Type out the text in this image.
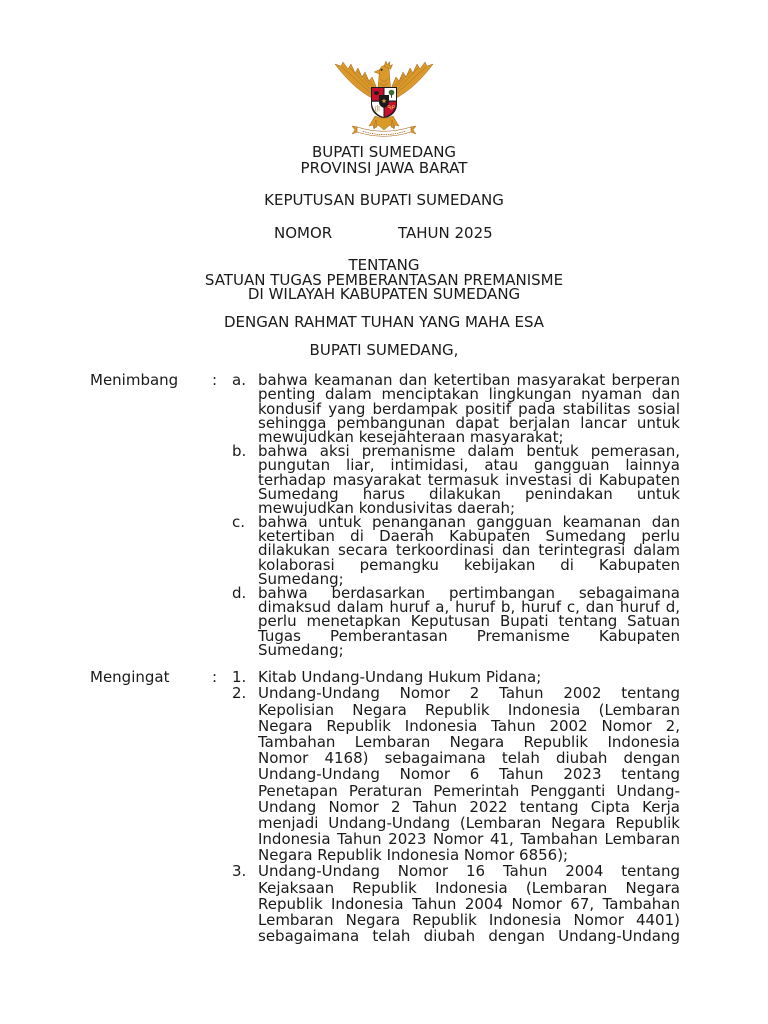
BUPATI SUMEDANG
PROVINSI JAWA BARAT
KEPUTUSAN BUPATI SUMEDANG
NOMOR	TAHUN 2025
TENTANG
SATUAN TUGAS PEMBERANTASAN PREMANISME
DI WILAYAH KABUPATEN SUMEDANG
DENGAN RAHMAT TUHAN YANG MAHA ESA
BUPATI SUMEDANG,
Menimbang : a. bahwa keamanan dan ketertiban masyarakat berperan
penting dalam menciptakan lingkungan nyaman dan
kondusif yang berdampak positif pada stabilitas sosial
sehingga pembangunan dapat berjalan lancar untuk
mewujudkan kesejahteraan masyarakat;
b. bahwa aksi premanisme dalam bentuk pemerasan,
pungutan liar, intimidasi, atau gangguan lainnya
terhadap masyarakat termasuk investasi di Kabupaten
Sumedang harus dilakukan penindakan untuk
mewujudkan kondusivitas daerah;
c. bahwa untuk penanganan gangguan keamanan dan
ketertiban di Daerah Kabupaten Sumedang perlu
dilakukan secara terkoordinasi dan terintegrasi dalam
kolaborasi pemangku kebijakan di Kabupaten
Sumedang;
d. bahwa berdasarkan pertimbangan sebagaimana
dimaksud dalam huruf a, huruf b, huruf c, dan huruf d,
perlu menetapkan Keputusan Bupati tentang Satuan
Tugas Pemberantasan Premanisme Kabupaten
Sumedang;
Mengingat	: 1. Kitab Undang-Undang Hukum Pidana;
2. Undang-Undang Nomor 2 Tahun 2002 tentang
Kepolisian Negara Republik Indonesia (Lembaran
Negara Republik Indonesia Tahun 2002 Nomor 2,
Tambahan Lembaran Negara Republik Indonesia
Nomor 4168) sebagaimana telah diubah dengan
Undang-Undang Nomor 6 Tahun 2023 tentang
Penetapan Peraturan Pemerintah Pengganti Undang-
Undang Nomor 2 Tahun 2022 tentang Cipta Kerja
menjadi Undang-Undang (Lembaran Negara Republik
Indonesia Tahun 2023 Nomor 41, Tambahan Lembaran
Negara Republik Indonesia Nomor 6856);
3. Undang-Undang Nomor 16 Tahun 2004 tentang
Kejaksaan Republik Indonesia (Lembaran Negara
Republik Indonesia Tahun 2004 Nomor 67, Tambahan
Lembaran Negara Republik Indonesia Nomor 4401)
sebagaimana telah diubah dengan Undang-Undang
